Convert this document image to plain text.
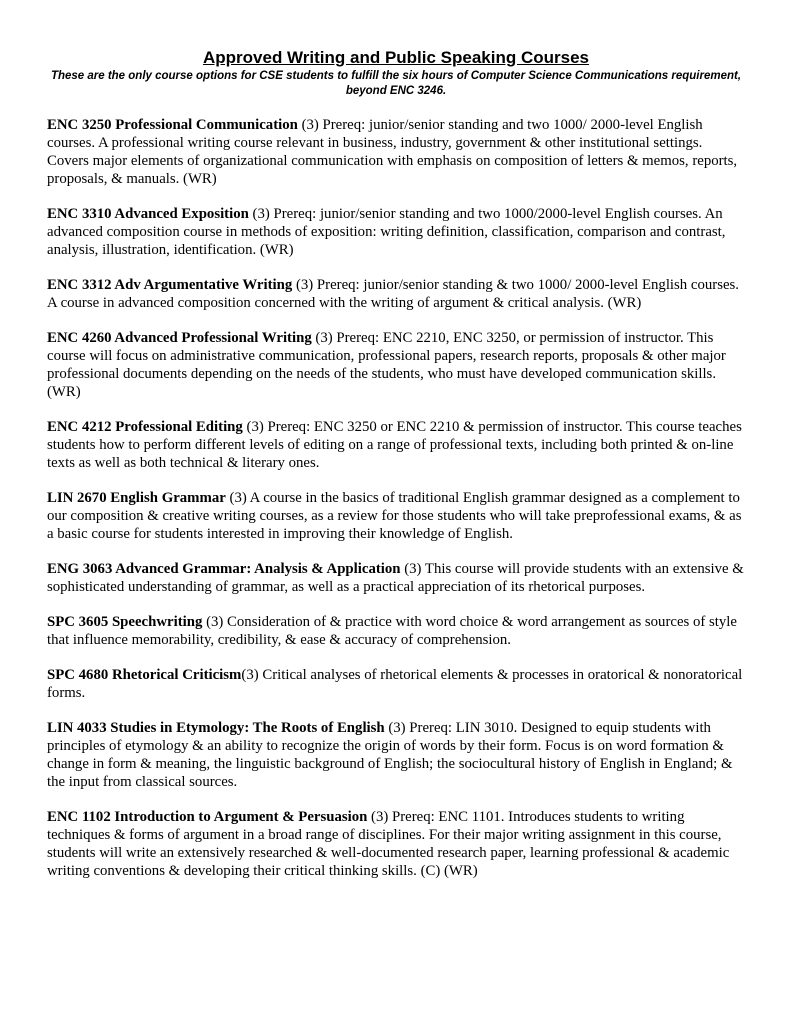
Approved Writing and Public Speaking Courses

These are the only course options for CSE students to fulfill the six hours of Computer Science Communications requirement, beyond ENC 3246.

ENC 3250 Professional Communication (3) Prereq: junior/senior standing and two 1000/ 2000-level English courses. A professional writing course relevant in business, industry, government & other institutional settings. Covers major elements of organizational communication with emphasis on composition of letters & memos, reports, proposals, & manuals. (WR)

ENC 3310 Advanced Exposition (3) Prereq: junior/senior standing and two 1000/2000-level English courses. An advanced composition course in methods of exposition: writing definition, classification, comparison and contrast, analysis, illustration, identification. (WR)

ENC 3312 Adv Argumentative Writing (3) Prereq: junior/senior standing & two 1000/ 2000-level English courses. A course in advanced composition concerned with the writing of argument & critical analysis. (WR)

ENC 4260 Advanced Professional Writing (3) Prereq: ENC 2210, ENC 3250, or permission of instructor. This course will focus on administrative communication, professional papers, research reports, proposals & other major professional documents depending on the needs of the students, who must have developed communication skills. (WR)

ENC 4212 Professional Editing (3) Prereq: ENC 3250 or ENC 2210 & permission of instructor. This course teaches students how to perform different levels of editing on a range of professional texts, including both printed & on-line texts as well as both technical & literary ones.

LIN 2670 English Grammar (3) A course in the basics of traditional English grammar designed as a complement to our composition & creative writing courses, as a review for those students who will take preprofessional exams, & as a basic course for students interested in improving their knowledge of English.

ENG 3063 Advanced Grammar: Analysis & Application (3) This course will provide students with an extensive & sophisticated understanding of grammar, as well as a practical appreciation of its rhetorical purposes.

SPC 3605 Speechwriting (3) Consideration of & practice with word choice & word arrangement as sources of style that influence memorability, credibility, & ease & accuracy of comprehension.

SPC 4680 Rhetorical Criticism(3) Critical analyses of rhetorical elements & processes in oratorical & nonoratorical forms.

LIN 4033 Studies in Etymology: The Roots of English (3) Prereq: LIN 3010. Designed to equip students with principles of etymology & an ability to recognize the origin of words by their form. Focus is on word formation & change in form & meaning, the linguistic background of English; the sociocultural history of English in England; & the input from classical sources.

ENC 1102 Introduction to Argument & Persuasion (3) Prereq: ENC 1101. Introduces students to writing techniques & forms of argument in a broad range of disciplines. For their major writing assignment in this course, students will write an extensively researched & well-documented research paper, learning professional & academic writing conventions & developing their critical thinking skills. (C) (WR)
